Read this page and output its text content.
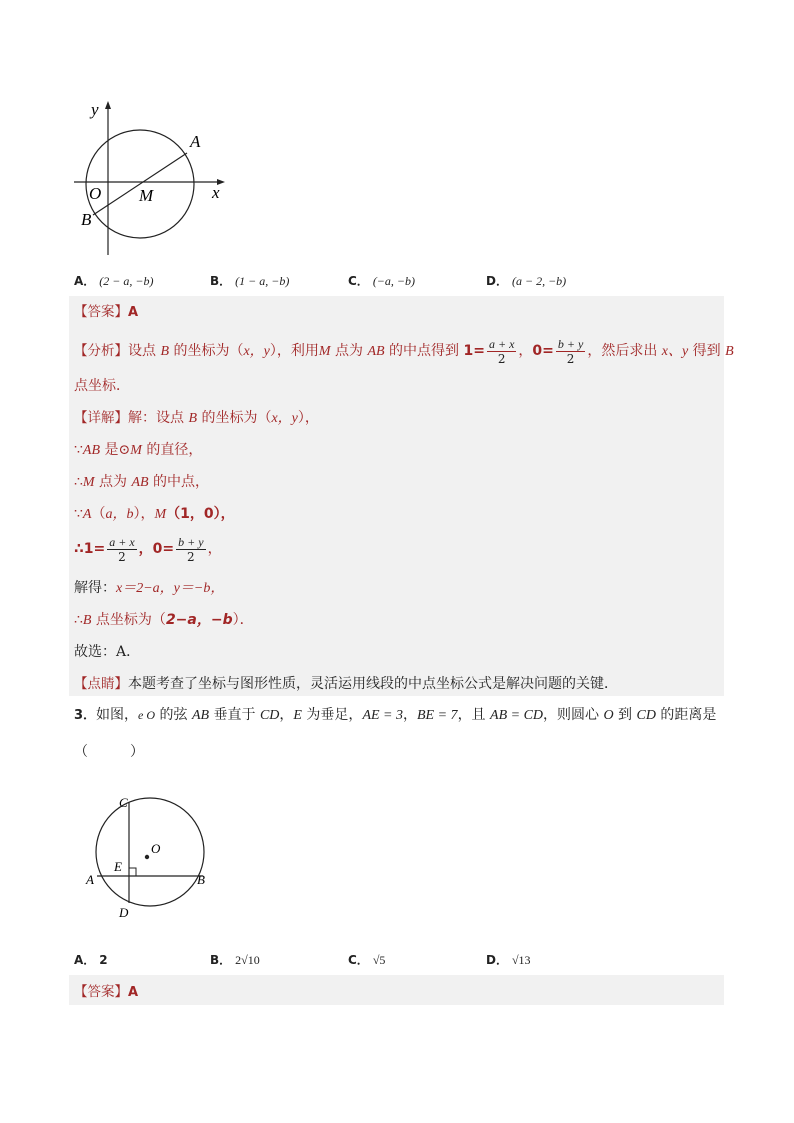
y
x
O M
A
B
A． (2 − a, −b)	B． (1 − a, −b)	C． (−a, −b)	D． (a − 2, −b)
【答案】A
【分析】设点 B 的坐标为（x，y），利用M 点为 AB 的中点得到 $1= \frac{a + x}{2}$ ，$0= \frac{b + y}{2}$ ，然后求出 x、y 得到 B
点坐标．
【详解】解：设点 B 的坐标为（x，y），
∵AB 是⊙M 的直径，
∴M 点为 AB 的中点，
∵A（a，b），M（1，0），
∴1= $\frac{a + x}{2}$ ，$0= \frac{b + y}{2}$ ，
解得：x＝2−a，y＝−b，
∴B 点坐标为（2−a，−b）．
故选：A．
【点睛】本题考查了坐标与图形性质，灵活运用线段的中点坐标公式是解决问题的关键．
3．如图，e O 的弦 AB 垂直于 CD，E 为垂足，AE = 3，BE = 7，且 AB = CD，则圆心 O 到 CD 的距离是
（　　　）
C
O
E
A	B
D
A． 2	B． 2√10	C． √5	D． √13
【答案】A
